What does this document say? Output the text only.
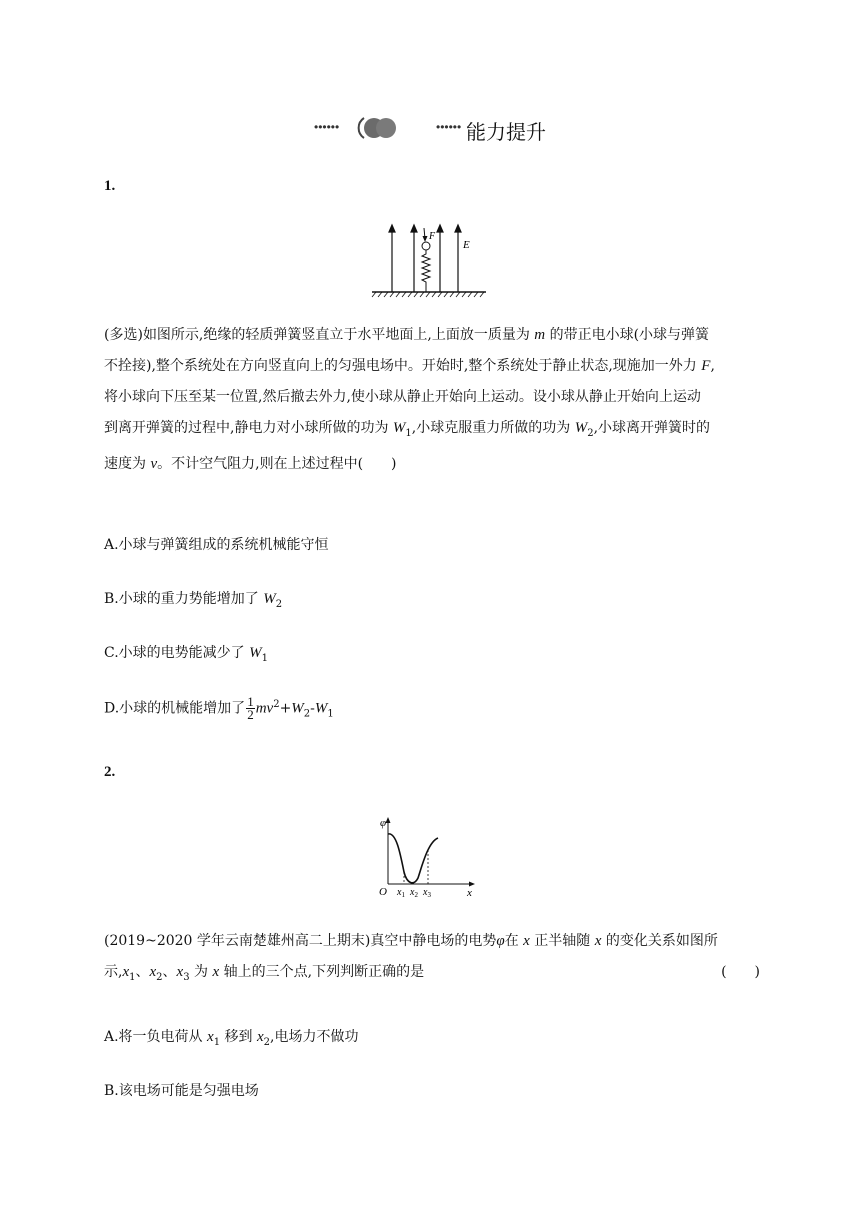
••••••	•••••• 能力提升
1.
F
E
(多选)如图所示,绝缘的轻质弹簧竖直立于水平地面上,上面放一质量为 m 的带正电小球(小球与弹簧
不拴接),整个系统处在方向竖直向上的匀强电场中。开始时,整个系统处于静止状态,现施加一外力 F,
将小球向下压至某一位置,然后撤去外力,使小球从静止开始向上运动。设小球从静止开始向上运动
到离开弹簧的过程中,静电力对小球所做的功为 $W_1$,小球克服重力所做的功为 $W_2$,小球离开弹簧时的
速度为 v。不计空气阻力,则在上述过程中(　　)
A.小球与弹簧组成的系统机械能守恒
B.小球的重力势能增加了 $W_2$
C.小球的电势能减少了 $W_1$
D.小球的机械能增加了 $\frac{1}{2} mv^2+W_2-W_1$
2.
φ
O	x
$x_1$ $x_2$ $x_3$
(2019~2020 学年云南楚雄州高二上期末)真空中静电场的电势φ在 x 正半轴随 x 的变化关系如图所
示$,x_1$、$x_2$、$x_3$ 为 x 轴上的三个点,下列判断正确的是	(　　)
A.将一负电荷从 $x_1$ 移到 $x_2$,电场力不做功
B.该电场可能是匀强电场
